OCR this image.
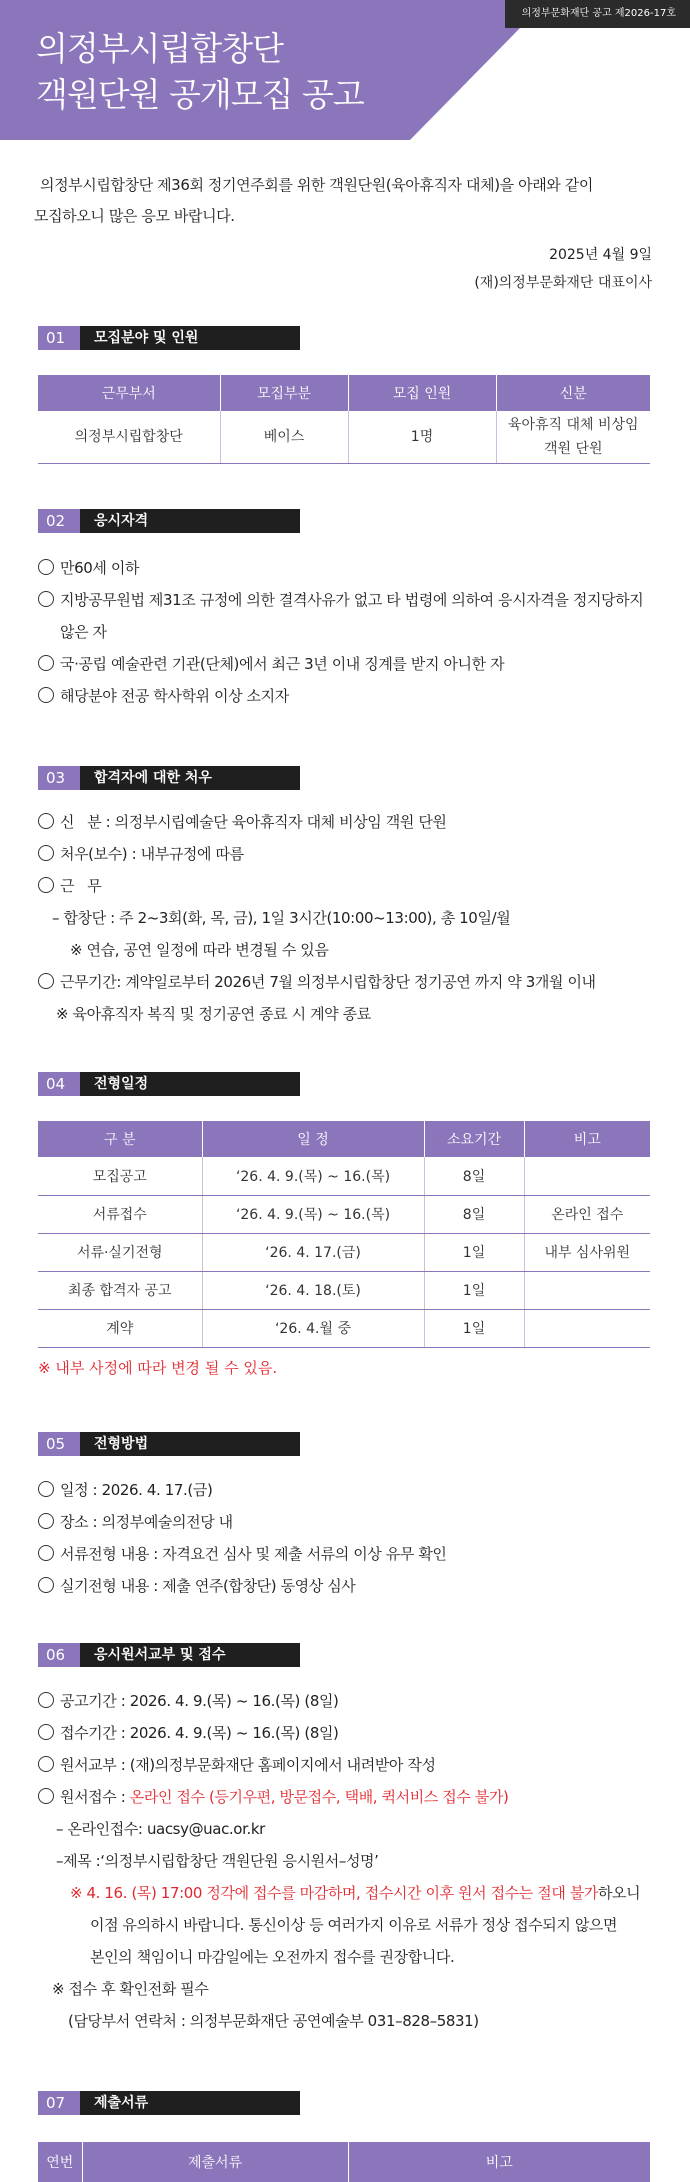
의정부문화재단 공고 제2026-17호
의정부시립합창단
객원단원 공개모집 공고
의정부시립합창단 제36회 정기연주회를 위한 객원단원(육아휴직자 대체)을 아래와 같이
모집하오니 많은 응모 바랍니다.
2025년 4월 9일
(재)의정부문화재단 대표이사
01	모집분야 및 인원
근무부서	모집부분	모집 인원	신분
의정부시립합창단	베이스	1명	육아휴직 대체 비상임
객원 단원
02	응시자격
만60세 이하
지방공무원법 제31조 규정에 의한 결격사유가 없고 타 법령에 의하여 응시자격을 정지당하지
않은 자
국·공립 예술관련 기관(단체)에서 최근 3년 이내 징계를 받지 아니한 자
해당분야 전공 학사학위 이상 소지자
03	합격자에 대한 처우
신   분 : 의정부시립예술단 육아휴직자 대체 비상임 객원 단원
처우(보수) : 내부규정에 따름
근   무
– 합창단 : 주 2~3회(화, 목, 금), 1일 3시간(10:00~13:00), 총 10일/월
※ 연습, 공연 일정에 따라 변경될 수 있음
근무기간: 계약일로부터 2026년 7월 의정부시립합창단 정기공연 까지 약 3개월 이내
※ 육아휴직자 복직 및 정기공연 종료 시 계약 종료
04	전형일정
구 분	일 정	소요기간	비고
모집공고	‘26. 4. 9.(목) ~ 16.(목)	8일	
서류접수	‘26. 4. 9.(목) ~ 16.(목)	8일	온라인 접수
서류·실기전형	‘26. 4. 17.(금)	1일	내부 심사위원
최종 합격자 공고	‘26. 4. 18.(토)	1일	
계약	‘26. 4.월 중	1일	
※ 내부 사정에 따라 변경 될 수 있음.
05	전형방법
일정 : 2026. 4. 17.(금)
장소 : 의정부예술의전당 내
서류전형 내용 : 자격요건 심사 및 제출 서류의 이상 유무 확인
실기전형 내용 : 제출 연주(합창단) 동영상 심사
06	응시원서교부 및 접수
공고기간 : 2026. 4. 9.(목) ~ 16.(목) (8일)
접수기간 : 2026. 4. 9.(목) ~ 16.(목) (8일)
원서교부 : (재)의정부문화재단 홈페이지에서 내려받아 작성
원서접수 : 온라인 접수 (등기우편, 방문접수, 택배, 퀵서비스 접수 불가)
– 온라인접수: uacsy@uac.or.kr
–제목 :‘의정부시립합창단 객원단원 응시원서–성명’
※ 4. 16. (목) 17:00 정각에 접수를 마감하며, 접수시간 이후 원서 접수는 절대 불가하오니
이점 유의하시 바랍니다. 통신이상 등 여러가지 이유로 서류가 정상 접수되지 않으면
본인의 책임이니 마감일에는 오전까지 접수를 권장합니다.
※ 접수 후 확인전화 필수
(담당부서 연락처 : 의정부문화재단 공연예술부 031–828–5831)
07	제출서류
연번	제출서류	비고
